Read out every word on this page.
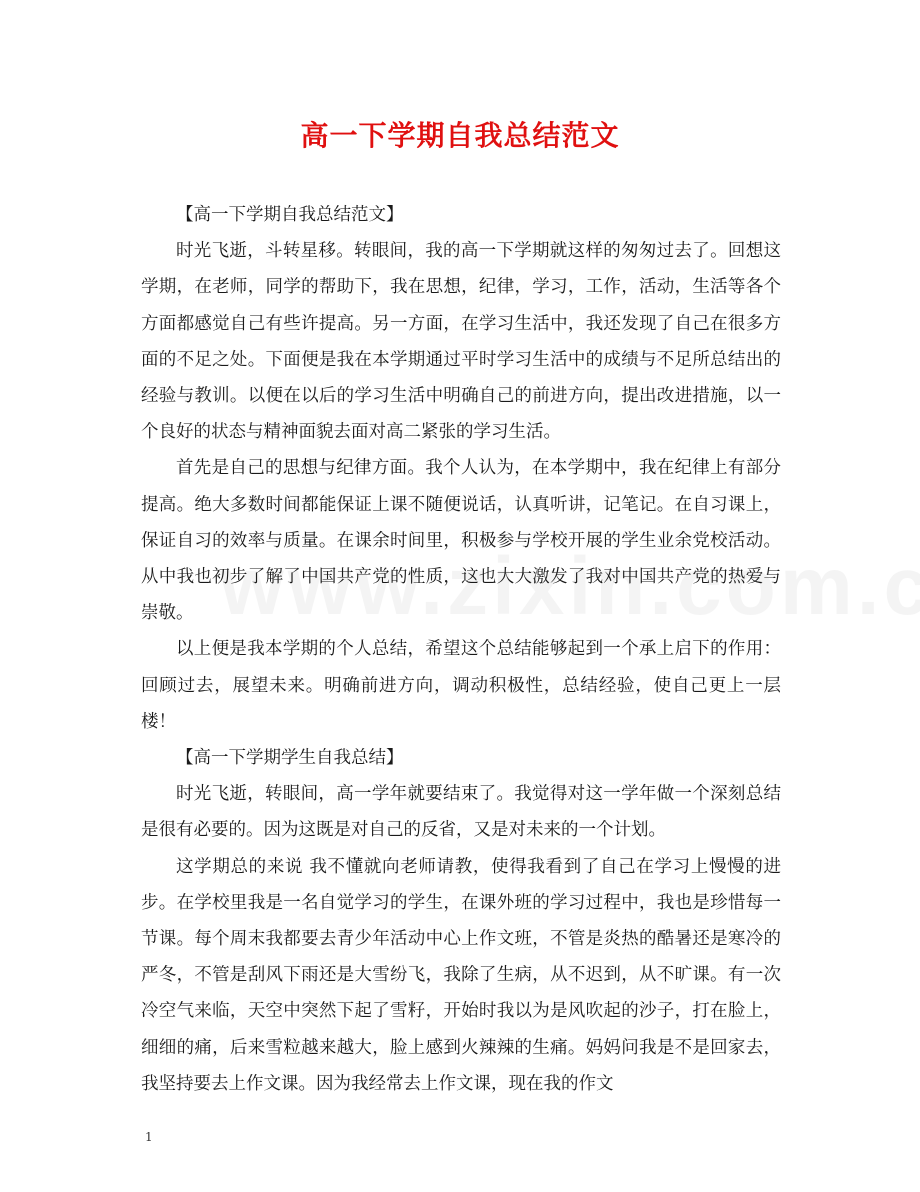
高一下学期自我总结范文

【高一下学期自我总结范文】

时光飞逝，斗转星移。转眼间，我的高一下学期就这样的匆匆过去了。回想这学期，在老师，同学的帮助下，我在思想，纪律，学习，工作，活动，生活等各个方面都感觉自己有些许提高。另一方面，在学习生活中，我还发现了自己在很多方面的不足之处。下面便是我在本学期通过平时学习生活中的成绩与不足所总结出的经验与教训。以便在以后的学习生活中明确自己的前进方向，提出改进措施，以一个良好的状态与精神面貌去面对高二紧张的学习生活。

首先是自己的思想与纪律方面。我个人认为，在本学期中，我在纪律上有部分提高。绝大多数时间都能保证上课不随便说话，认真听讲，记笔记。在自习课上，保证自习的效率与质量。在课余时间里，积极参与学校开展的学生业余党校活动。从中我也初步了解了中国共产党的性质，这也大大激发了我对中国共产党的热爱与崇敬。

以上便是我本学期的个人总结，希望这个总结能够起到一个承上启下的作用：回顾过去，展望未来。明确前进方向，调动积极性，总结经验，使自己更上一层楼！

【高一下学期学生自我总结】

时光飞逝，转眼间，高一学年就要结束了。我觉得对这一学年做一个深刻总结是很有必要的。因为这既是对自己的反省，又是对未来的一个计划。

这学期总的来说 我不懂就向老师请教，使得我看到了自己在学习上慢慢的进步。在学校里我是一名自觉学习的学生，在课外班的学习过程中，我也是珍惜每一节课。每个周末我都要去青少年活动中心上作文班，不管是炎热的酷暑还是寒冷的严冬，不管是刮风下雨还是大雪纷飞，我除了生病，从不迟到，从不旷课。有一次冷空气来临，天空中突然下起了雪籽，开始时我以为是风吹起的沙子，打在脸上，细细的痛，后来雪粒越来越大，脸上感到火辣辣的生痛。妈妈问我是不是回家去，我坚持要去上作文课。因为我经常去上作文课，现在我的作文

1
